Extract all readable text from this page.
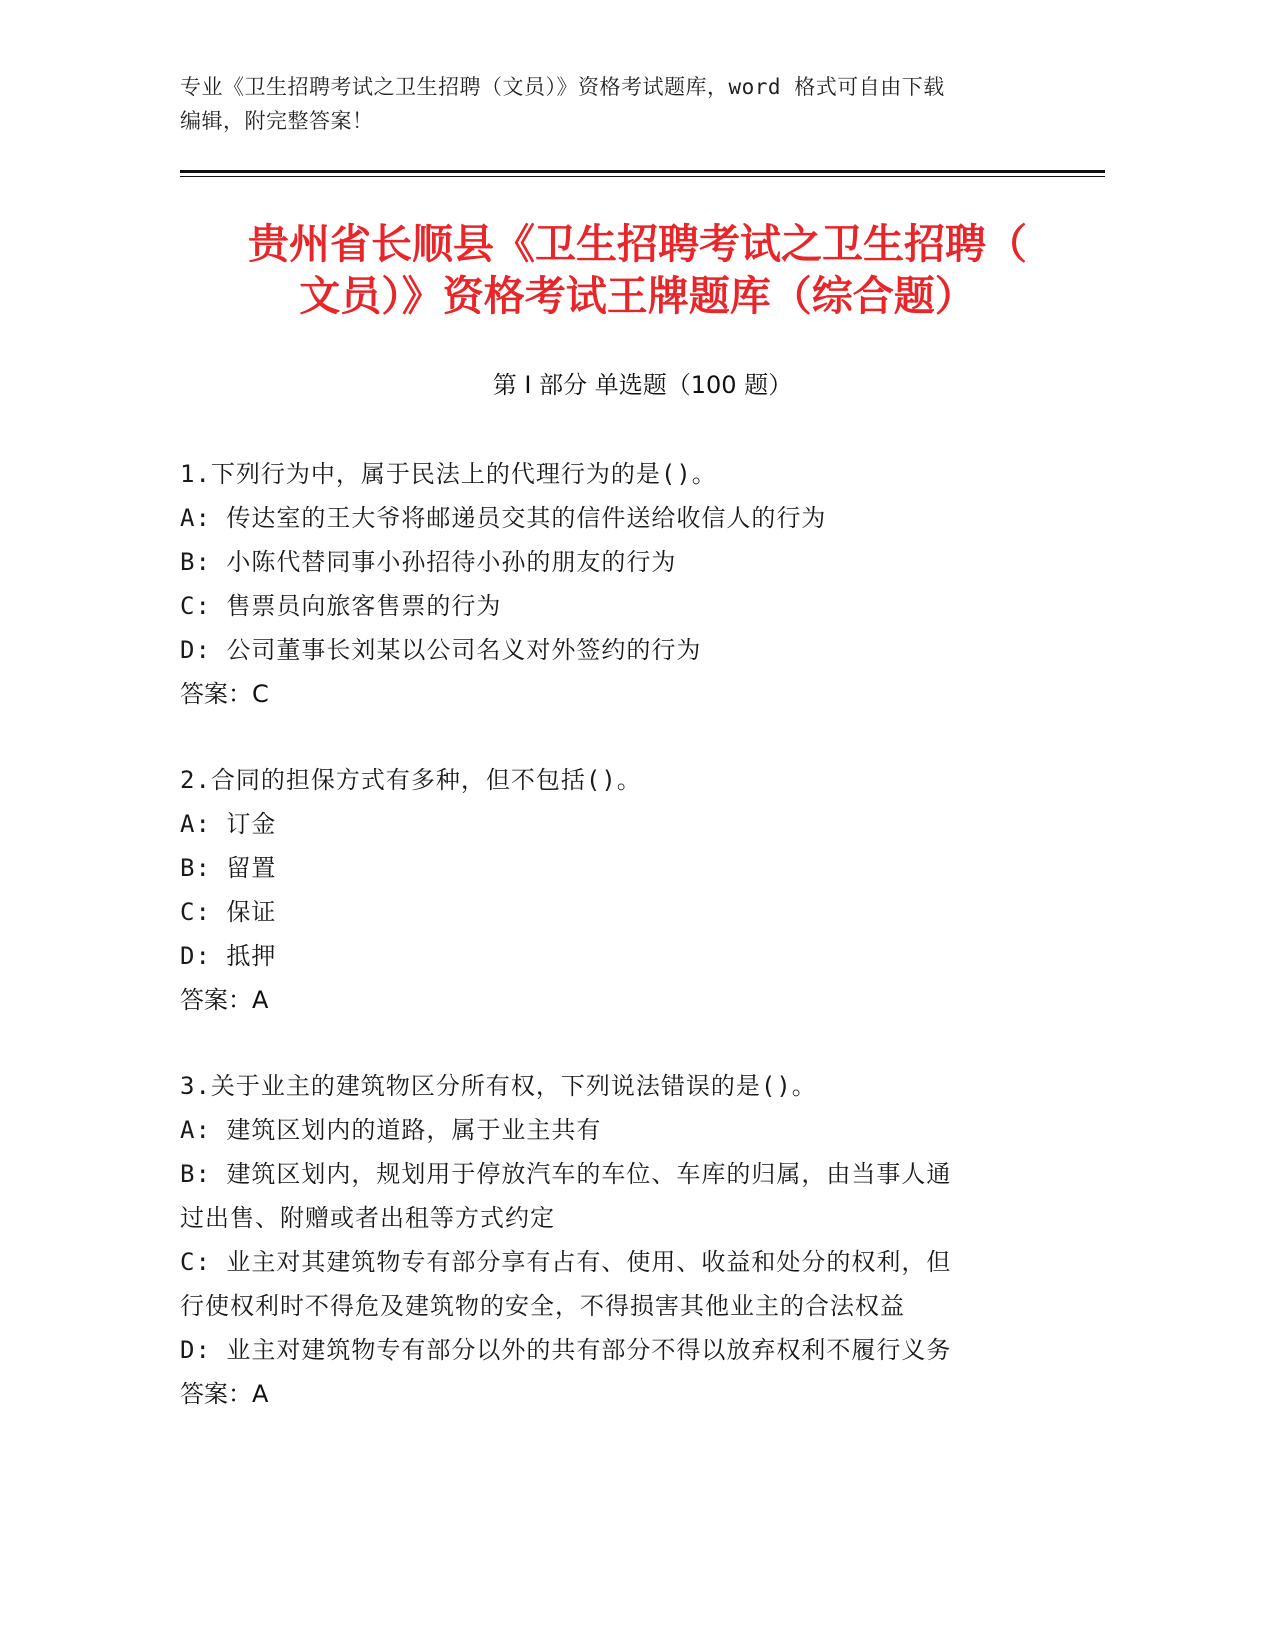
专业《卫生招聘考试之卫生招聘（文员）》资格考试题库，word 格式可自由下载
编辑，附完整答案！
贵州省长顺县《卫生招聘考试之卫生招聘（
文员）》资格考试王牌题库（综合题）
第 I 部分 单选题（100 题）
1.下列行为中，属于民法上的代理行为的是()。
A: 传达室的王大爷将邮递员交其的信件送给收信人的行为
B: 小陈代替同事小孙招待小孙的朋友的行为
C: 售票员向旅客售票的行为
D: 公司董事长刘某以公司名义对外签约的行为
答案：C
2.合同的担保方式有多种，但不包括()。
A: 订金
B: 留置
C: 保证
D: 抵押
答案：A
3.关于业主的建筑物区分所有权，下列说法错误的是()。
A: 建筑区划内的道路，属于业主共有
B: 建筑区划内，规划用于停放汽车的车位、车库的归属，由当事人通
过出售、附赠或者出租等方式约定
C: 业主对其建筑物专有部分享有占有、使用、收益和处分的权利，但
行使权利时不得危及建筑物的安全，不得损害其他业主的合法权益
D: 业主对建筑物专有部分以外的共有部分不得以放弃权利不履行义务
答案：A
